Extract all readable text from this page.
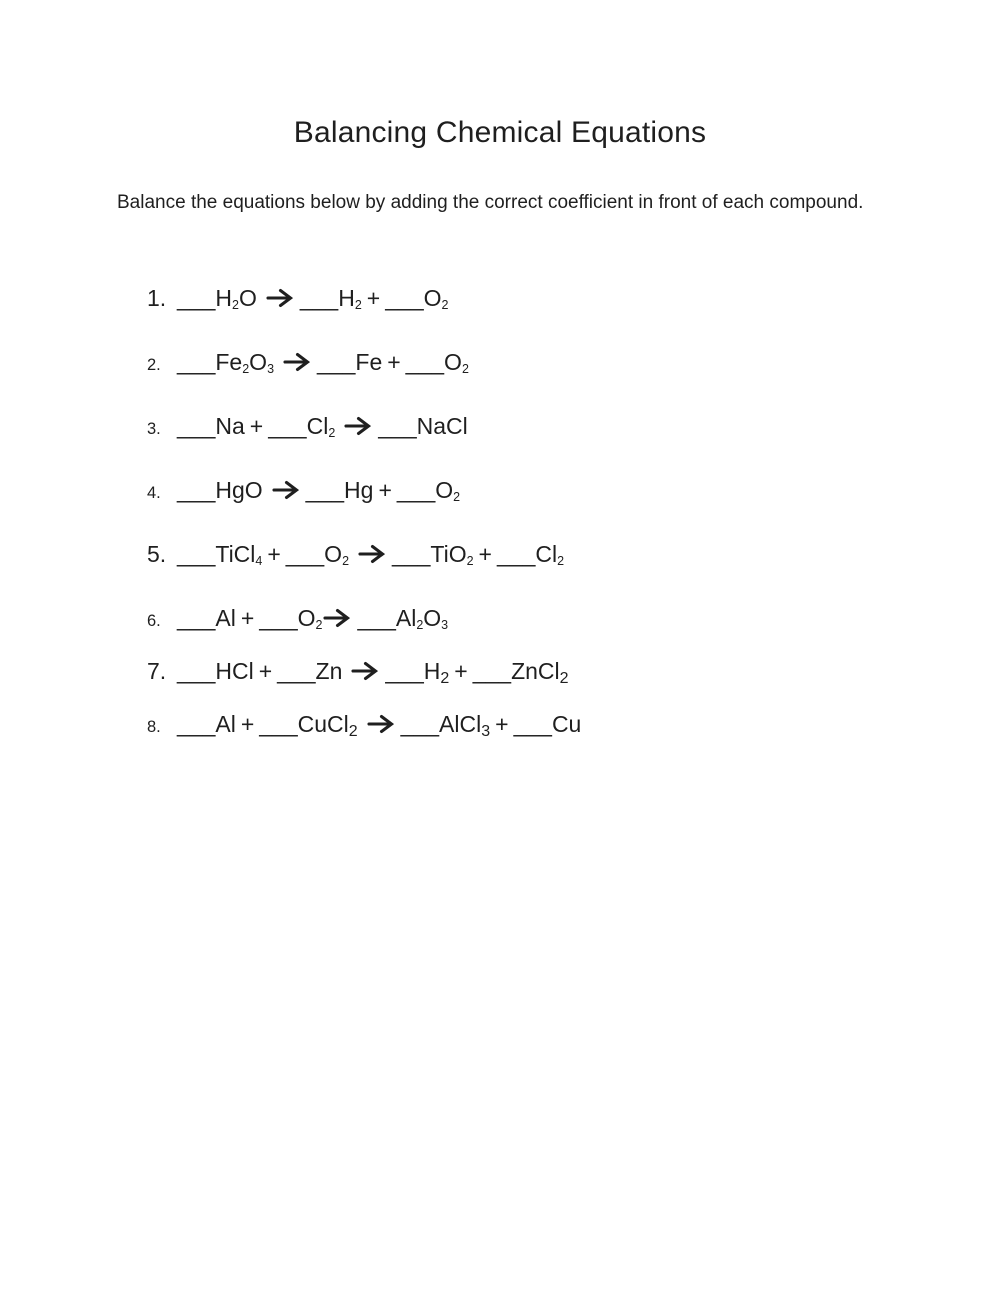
Balancing Chemical Equations

Balance the equations below by adding the correct coefficient in front of each compound.

1. ___H2O ___H2 + ___O2
2. ___Fe2O3 ___Fe + ___O2
3. ___Na + ___Cl2 ___NaCl
4. ___HgO ___Hg + ___O2
5. ___TiCl4 + ___O2 ___TiO2 + ___Cl2
6. ___Al + ___O2 ___Al2O3
7. ___HCl + ___Zn ___H2 + ___ZnCl2
8. ___Al + ___CuCl2 ___AlCl3 + ___Cu
